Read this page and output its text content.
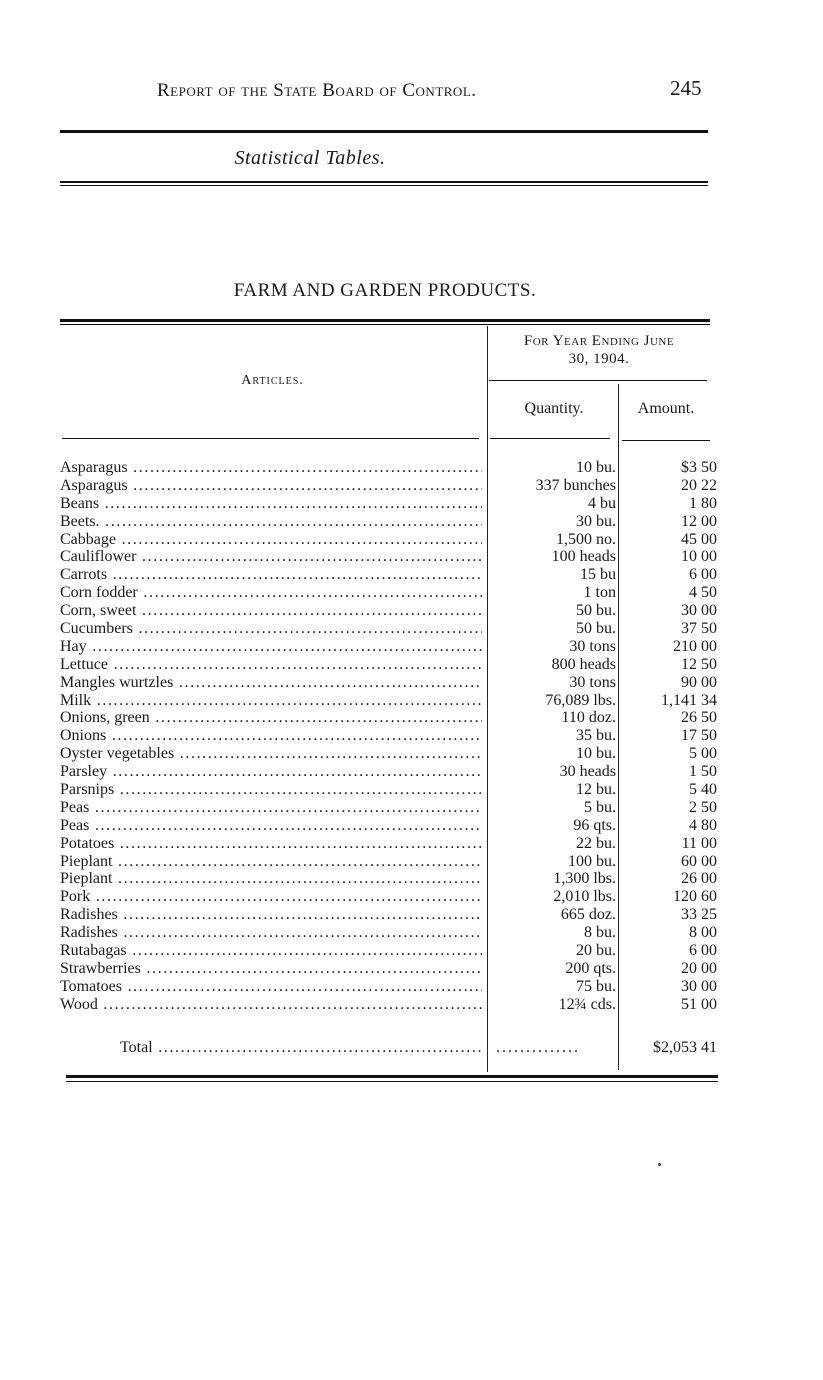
Report of the State Board of Control.	245
Statistical Tables.
FARM AND GARDEN PRODUCTS.
Articles.
For Year Ending June
30, 1904.
Quantity.	Amount.
Asparagus .....	10 bu.	$3 50
Asparagus .....	337 bunches	20 22
Beans .....	4 bu	1 80
Beets. .....	30 bu.	12 00
Cabbage .....	1,500 no.	45 00
Cauliflower .....	100 heads	10 00
Carrots .....	15 bu	6 00
Corn fodder .....	1 ton	4 50
Corn, sweet .....	50 bu.	30 00
Cucumbers .....	50 bu.	37 50
Hay .....	30 tons	210 00
Lettuce .....	800 heads	12 50
Mangles wurtzles .....	30 tons	90 00
Milk .....	76,089 lbs.	1,141 34
Onions, green .....	110 doz.	26 50
Onions .....	35 bu.	17 50
Oyster vegetables .....	10 bu.	5 00
Parsley .....	30 heads	1 50
Parsnips .....	12 bu.	5 40
Peas .....	5 bu.	2 50
Peas .....	96 qts.	4 80
Potatoes .....	22 bu.	11 00
Pieplant .....	100 bu.	60 00
Pieplant .....	1,300 lbs.	26 00
Pork .....	2,010 lbs.	120 60
Radishes .....	665 doz.	33 25
Radishes .....	8 bu.	8 00
Rutabagas .....	20 bu.	6 00
Strawberries .....	200 qts.	20 00
Tomatoes .....	75 bu.	30 00
Wood .....	12¾ cds.	51 00
Total .....	..............	$2,053 41
